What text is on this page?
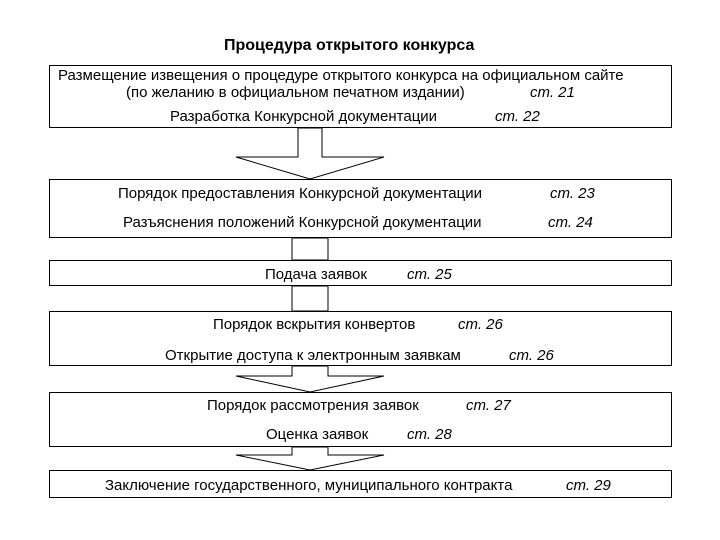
Процедура открытого конкурса
Размещение извещения о процедуре открытого конкурса на официальном сайте
(по желанию в официальном печатном издании)	ст. 21
Разработка Конкурсной документации	ст. 22
Порядок предоставления Конкурсной документации	ст. 23
Разъяснения положений Конкурсной документации	ст. 24
Подача заявок	ст. 25
Порядок вскрытия конвертов	ст. 26
Открытие доступа к электронным заявкам	ст. 26
Порядок рассмотрения заявок	ст. 27
Оценка заявок	ст. 28
Заключение государственного, муниципального контракта	ст. 29
